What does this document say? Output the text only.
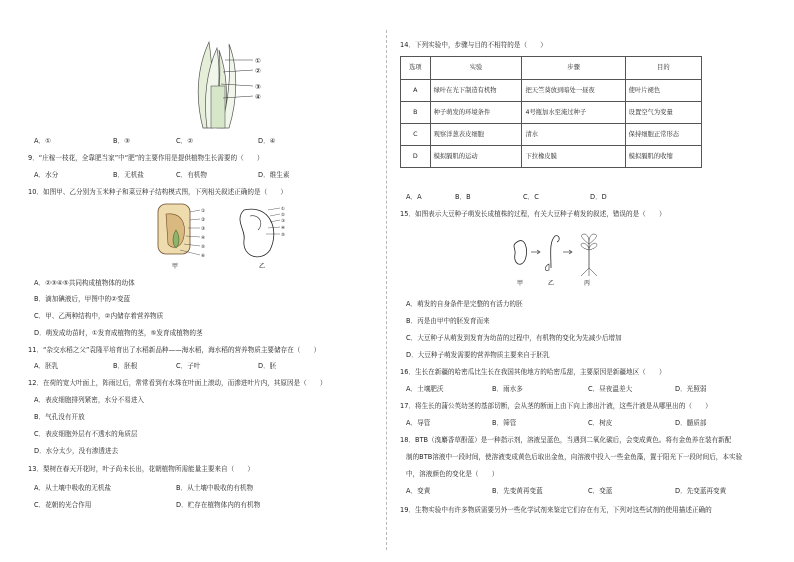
①
②
③
④
A．①	B．③	C．②	D．④
9．“庄稼一枝花，全靠肥当家”中“肥”的主要作用是提供植物生长需要的（　　）
A．水分	B．无机盐	C．有机物	D．维生素
10．如图甲、乙分别为玉米种子和菜豆种子结构模式图，下列相关叙述正确的是（　　）
①
②
③
④
⑤
⑥
甲
①
②
③
④
⑤
乙
A．②③④⑤共同构成植物体的幼体
B．滴加碘液后，甲图中的②变蓝
C．甲、乙两种结构中，②内储存着营养物质
D．萌发成幼苗时，①发育成植物的茎，⑤发育成植物的茎
11．“杂交水稻之父”袁隆平培育出了水稻新品种——海水稻，海水稻的营养物质主要储存在（　　）
A．胚乳	B．胚根	C．子叶	D．胚
12．在荷的宽大叶面上，阵雨过后，常常看到有水珠在叶面上滚动，而渗进叶片内，其原因是（　　）
A．表皮细胞排列紧密，水分不易进入
B．气孔没有开放
C．表皮细胞外层有不透水的角质层
D．水分太少，没有渗透进去
13．梨树在春天开花时，叶子尚未长出，花朝植物所需能量主要来自（　　）
A．从土壤中吸收的无机盐	B．从土壤中吸收的有机物
C．花朝的光合作用	D．贮存在植物体内的有机物
14．下列实验中，步骤与目的不相符的是（　　）
选项	实验	步骤	目的
A	绿叶在光下制造有机物	把天竺葵放到暗处一昼夜	使叶片褪色
B	种子萌发的环境条件	4号瓶加水至淹过种子	设置空气为变量
C	观察洋葱表皮细胞	清水	保持细胞正常形态
D	模拟膈肌的运动	下拉橡皮膜	模拟膈肌的收缩
A．A	B．B	C．C	D．D
15．如图表示大豆种子萌发长成植株的过程，有关大豆种子萌发的叙述，错误的是（　　）
甲	乙	丙
A．萌发的自身条件是完整的有活力的胚
B．丙是由甲中的胚发育而来
C．大豆种子从萌发到发育为幼苗的过程中，有机物的变化为先减少后增加
D．大豆种子萌发需要的营养物质主要来自于胚乳
16．生长在新疆的哈密瓜比生长在我国其他地方的哈密瓜甜，主要原因是新疆地区（　　）
A．土壤肥沃	B．雨水多	C．昼夜温差大	D．光照弱
17．将生长的蒲公英幼茎的基部切断，会从茎的断面上由下向上渗出汁液，这些汁液是从哪里出的（　　）
A．导管	B．筛管	C．树皮	D．髓质部
18．BTB（溴麝香草酚蓝）是一种指示剂，溶液呈蓝色，当遇到二氧化碳后，会变成黄色。将有金鱼养在装有新配
制的BTB溶液中一段时间，使溶液变成黄色后取出金鱼，向溶液中投入一些金鱼藻，置于阳光下一段时间后，本实验
中，溶液颜色的变化是（　　）
A．变黄	B．先变黄再变蓝	C．变蓝	D．先变蓝再变黄
19．生物实验中有许多物质需要另外一些化学试剂来鉴定它们存在有无，下列对这些试剂的使用描述正确的
